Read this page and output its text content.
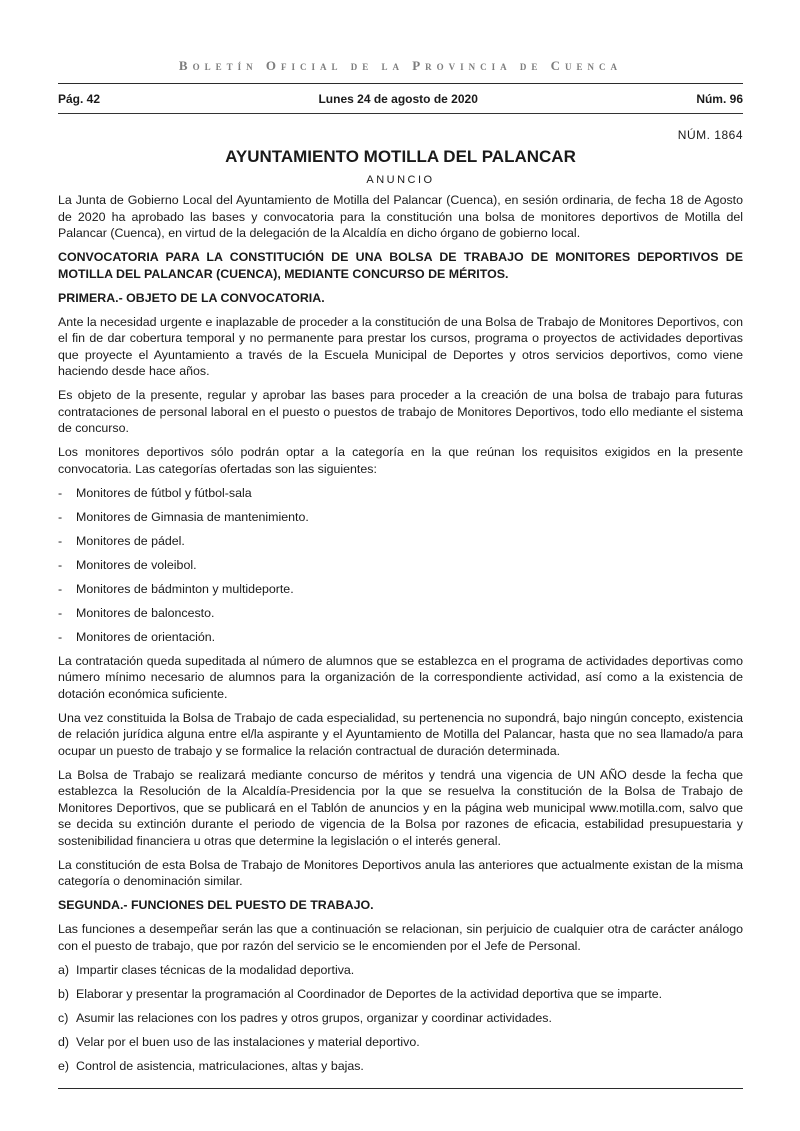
Boletín Oficial de la Provincia de Cuenca
Pág. 42	Lunes 24 de agosto de 2020	Núm. 96
NÚM. 1864
AYUNTAMIENTO MOTILLA DEL PALANCAR
ANUNCIO

La Junta de Gobierno Local del Ayuntamiento de Motilla del Palancar (Cuenca), en sesión ordinaria, de fecha 18 de Agosto de 2020 ha aprobado las bases y convocatoria para la constitución una bolsa de monitores deportivos de Motilla del Palancar (Cuenca), en virtud de la delegación de la Alcaldía en dicho órgano de gobierno local.

CONVOCATORIA PARA LA CONSTITUCIÓN DE UNA BOLSA DE TRABAJO DE MONITORES DEPORTIVOS DE MOTILLA DEL PALANCAR (CUENCA), MEDIANTE CONCURSO DE MÉRITOS.

PRIMERA.- OBJETO DE LA CONVOCATORIA.

Ante la necesidad urgente e inaplazable de proceder a la constitución de una Bolsa de Trabajo de Monitores Deportivos, con el fin de dar cobertura temporal y no permanente para prestar los cursos, programa o proyectos de actividades deportivas que proyecte el Ayuntamiento a través de la Escuela Municipal de Deportes y otros servicios deportivos, como viene haciendo desde hace años.

Es objeto de la presente, regular y aprobar las bases para proceder a la creación de una bolsa de trabajo para futuras contrataciones de personal laboral en el puesto o puestos de trabajo de Monitores Deportivos, todo ello mediante el sistema de concurso.

Los monitores deportivos sólo podrán optar a la categoría en la que reúnan los requisitos exigidos en la presente convocatoria. Las categorías ofertadas son las siguientes:

-	Monitores de fútbol y fútbol-sala
-	Monitores de Gimnasia de mantenimiento.
-	Monitores de pádel.
-	Monitores de voleibol.
-	Monitores de bádminton y multideporte.
-	Monitores de baloncesto.
-	Monitores de orientación.

La contratación queda supeditada al número de alumnos que se establezca en el programa de actividades deportivas como número mínimo necesario de alumnos para la organización de la correspondiente actividad, así como a la existencia de dotación económica suficiente.

Una vez constituida la Bolsa de Trabajo de cada especialidad, su pertenencia no supondrá, bajo ningún concepto, existencia de relación jurídica alguna entre el/la aspirante y el Ayuntamiento de Motilla del Palancar, hasta que no sea llamado/a para ocupar un puesto de trabajo y se formalice la relación contractual de duración determinada.

La Bolsa de Trabajo se realizará mediante concurso de méritos y tendrá una vigencia de UN AÑO desde la fecha que establezca la Resolución de la Alcaldía-Presidencia por la que se resuelva la constitución de la Bolsa de Trabajo de Monitores Deportivos, que se publicará en el Tablón de anuncios y en la página web municipal www.motilla.com, salvo que se decida su extinción durante el periodo de vigencia de la Bolsa por razones de eficacia, estabilidad presupuestaria y sostenibilidad financiera u otras que determine la legislación o el interés general.

La constitución de esta Bolsa de Trabajo de Monitores Deportivos anula las anteriores que actualmente existan de la misma categoría o denominación similar.

SEGUNDA.- FUNCIONES DEL PUESTO DE TRABAJO.

Las funciones a desempeñar serán las que a continuación se relacionan, sin perjuicio de cualquier otra de carácter análogo con el puesto de trabajo, que por razón del servicio se le encomienden por el Jefe de Personal.

a) Impartir clases técnicas de la modalidad deportiva.
b) Elaborar y presentar la programación al Coordinador de Deportes de la actividad deportiva que se imparte.
c) Asumir las relaciones con los padres y otros grupos, organizar y coordinar actividades.
d) Velar por el buen uso de las instalaciones y material deportivo.
e) Control de asistencia, matriculaciones, altas y bajas.
